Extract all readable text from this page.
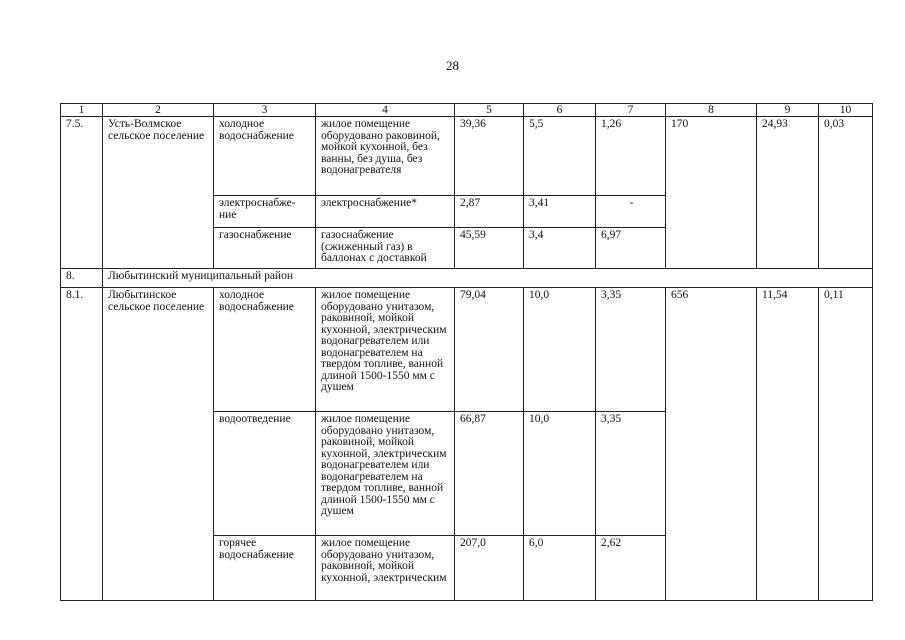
28
1	2	3	4	5	6	7	8	9	10
7.5.	Усть-Волмское сельское поселение	холодное водоснабжение	жилое помещение оборудовано раковиной, мойкой кухонной, без ванны, без душа, без водонагревателя	39,36	5,5	1,26	170	24,93	0,03
		электроснабже-ние	электроснабжение*	2,87	3,41	-			
		газоснабжение	газоснабжение (сжиженный газ) в баллонах с доставкой	45,59	3,4	6,97			
8.	Любытинский муниципальный район								
8.1.	Любытинское сельское поселение	холодное водоснабжение	жилое помещение оборудовано унитазом, раковиной, мойкой кухонной, электрическим водонагревателем или водонагревателем на твердом топливе, ванной длиной 1500-1550 мм с душем	79,04	10,0	3,35	656	11,54	0,11
		водоотведение	жилое помещение оборудовано унитазом, раковиной, мойкой кухонной, электрическим водонагревателем или водонагревателем на твердом топливе, ванной длиной 1500-1550 мм с душем	66,87	10,0	3,35			
		горячее водоснабжение	жилое помещение оборудовано унитазом, раковиной, мойкой кухонной, электрическим	207,0	6,0	2,62			
